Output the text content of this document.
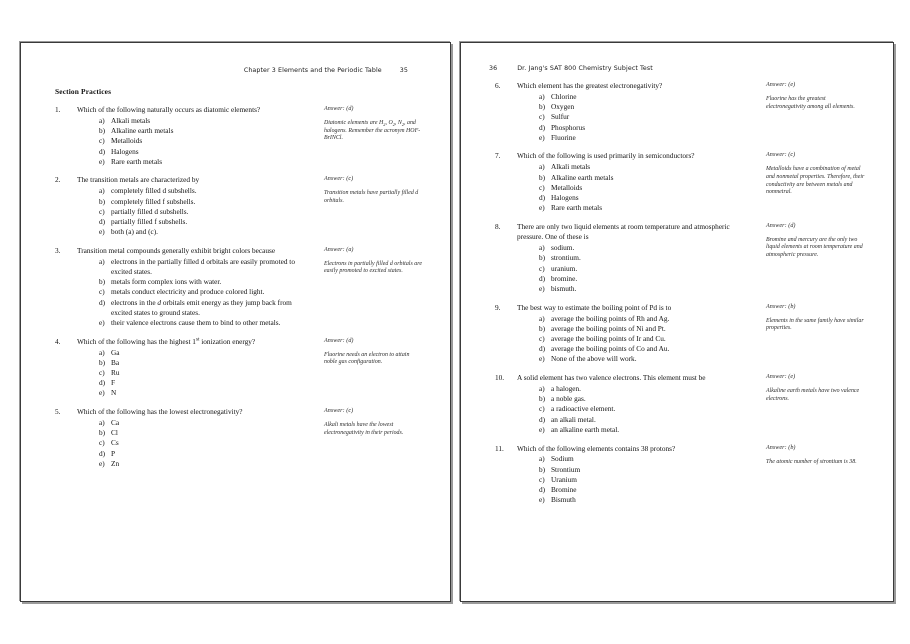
Chapter 3 Elements and the Periodic Table	35
Section Practices
1.	Which of the following naturally occurs as diatomic elements?
a) Alkali metals
b) Alkaline earth metals
c) Metalloids
d) Halogens
e) Rare earth metals
Answer: (d)
Diatomic elements are $H_2$, $O_2$, $N_2$, and halogens. Remember the acronym HOF-BrINCl.
2.	The transition metals are characterized by
a) completely filled d subshells.
b) completely filled f subshells.
c) partially filled d subshells.
d) partially filled f subshells.
e) both (a) and (c).
Answer: (c)
Transition metals have partially filled d orbitals.
3.	Transition metal compounds generally exhibit bright colors because
a) electrons in the partially filled d orbitals are easily promoted to excited states.
b) metals form complex ions with water.
c) metals conduct electricity and produce colored light.
d) electrons in the d orbitals emit energy as they jump back from excited states to ground states.
e) their valence electrons cause them to bind to other metals.
Answer: (a)
Electrons in partially filled d orbitals are easily promoted to excited states.
4.	Which of the following has the highest 1st ionization energy?
a) Ga
b) Ba
c) Ru
d) F
e) N
Answer: (d)
Fluorine needs an electron to attain noble gas configuration.
5.	Which of the following has the lowest electronegativity?
a) Ca
b) Cl
c) Cs
d) P
e) Zn
Answer: (c)
Alkali metals have the lowest electronegativity in their periods.
36	Dr. Jang's SAT 800 Chemistry Subject Test
6.	Which element has the greatest electronegativity?
a) Chlorine
b) Oxygen
c) Sulfur
d) Phosphorus
e) Fluorine
Answer: (e)
Fluorine has the greatest electronegativity among all elements.
7.	Which of the following is used primarily in semiconductors?
a) Alkali metals
b) Alkaline earth metals
c) Metalloids
d) Halogens
e) Rare earth metals
Answer: (c)
Metalloids have a combination of metal and nonmetal properties. Therefore, their conductivity are between metals and nonmetral.
8.	There are only two liquid elements at room temperature and atmospheric pressure. One of these is
a) sodium.
b) strontium.
c) uranium.
d) bromine.
e) bismuth.
Answer: (d)
Bromine and mercury are the only two liquid elements at room temperature and atmospheric pressure.
9.	The best way to estimate the boiling point of Pd is to
a) average the boiling points of Rh and Ag.
b) average the boiling points of Ni and Pt.
c) average the boiling points of Ir and Cu.
d) average the boiling points of Co and Au.
e) None of the above will work.
Answer: (b)
Elements in the same family have similar properties.
10.	A solid element has two valence electrons. This element must be
a) a halogen.
b) a noble gas.
c) a radioactive element.
d) an alkali metal.
e) an alkaline earth metal.
Answer: (e)
Alkaline earth metals have two valence electrons.
11.	Which of the following elements contains 38 protons?
a) Sodium
b) Strontium
c) Uranium
d) Bromine
e) Bismuth
Answer: (b)
The atomic number of strontium is 38.
